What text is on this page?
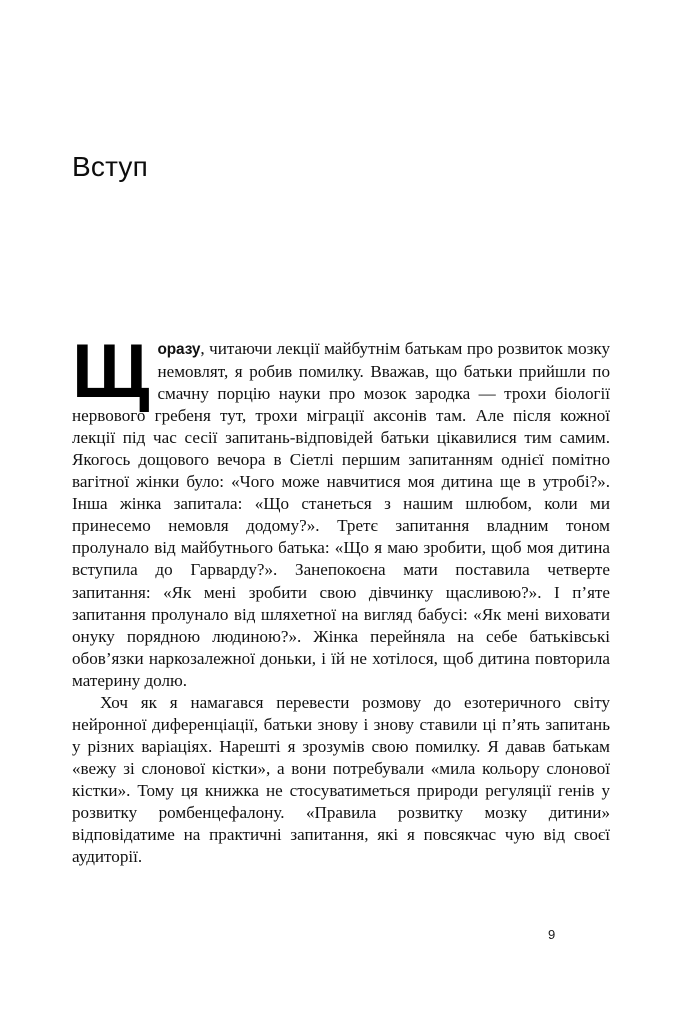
Вступ

Щоразу, читаючи лекції майбутнім батькам про розвиток мозку немовлят, я робив помилку. Вважав, що батьки прийшли по смачну порцію науки про мозок зародка — трохи біології нервового гребеня тут, трохи міграції аксонів там. Але після кожної лекції під час сесії запитань-відповідей батьки цікавилися тим самим. Якогось дощового вечора в Сіетлі першим запитанням однієї помітно вагітної жінки було: «Чого може навчитися моя дитина ще в утробі?». Інша жінка запитала: «Що станеться з нашим шлюбом, коли ми принесемо немовля додому?». Третє запитання владним тоном пролунало від майбутнього батька: «Що я маю зробити, щоб моя дитина вступила до Гарварду?». Занепокоєна мати поставила четверте запитання: «Як мені зробити свою дівчинку щасливою?». І п’яте запитання пролунало від шляхетної на вигляд бабусі: «Як мені виховати онуку порядною людиною?». Жінка перейняла на себе батьківські обов’язки наркозалежної доньки, і їй не хотілося, щоб дитина повторила материну долю.

Хоч як я намагався перевести розмову до езотеричного світу нейронної диференціації, батьки знову і знову ставили ці п’ять запитань у різних варіаціях. Нарешті я зрозумів свою помилку. Я давав батькам «вежу зі слонової кістки», а вони потребували «мила кольору слонової кістки». Тому ця книжка не стосуватиметься природи регуляції генів у розвитку ромбенцефалону. «Правила розвитку мозку дитини» відповідатиме на практичні запитання, які я повсякчас чую від своєї аудиторії.

9
